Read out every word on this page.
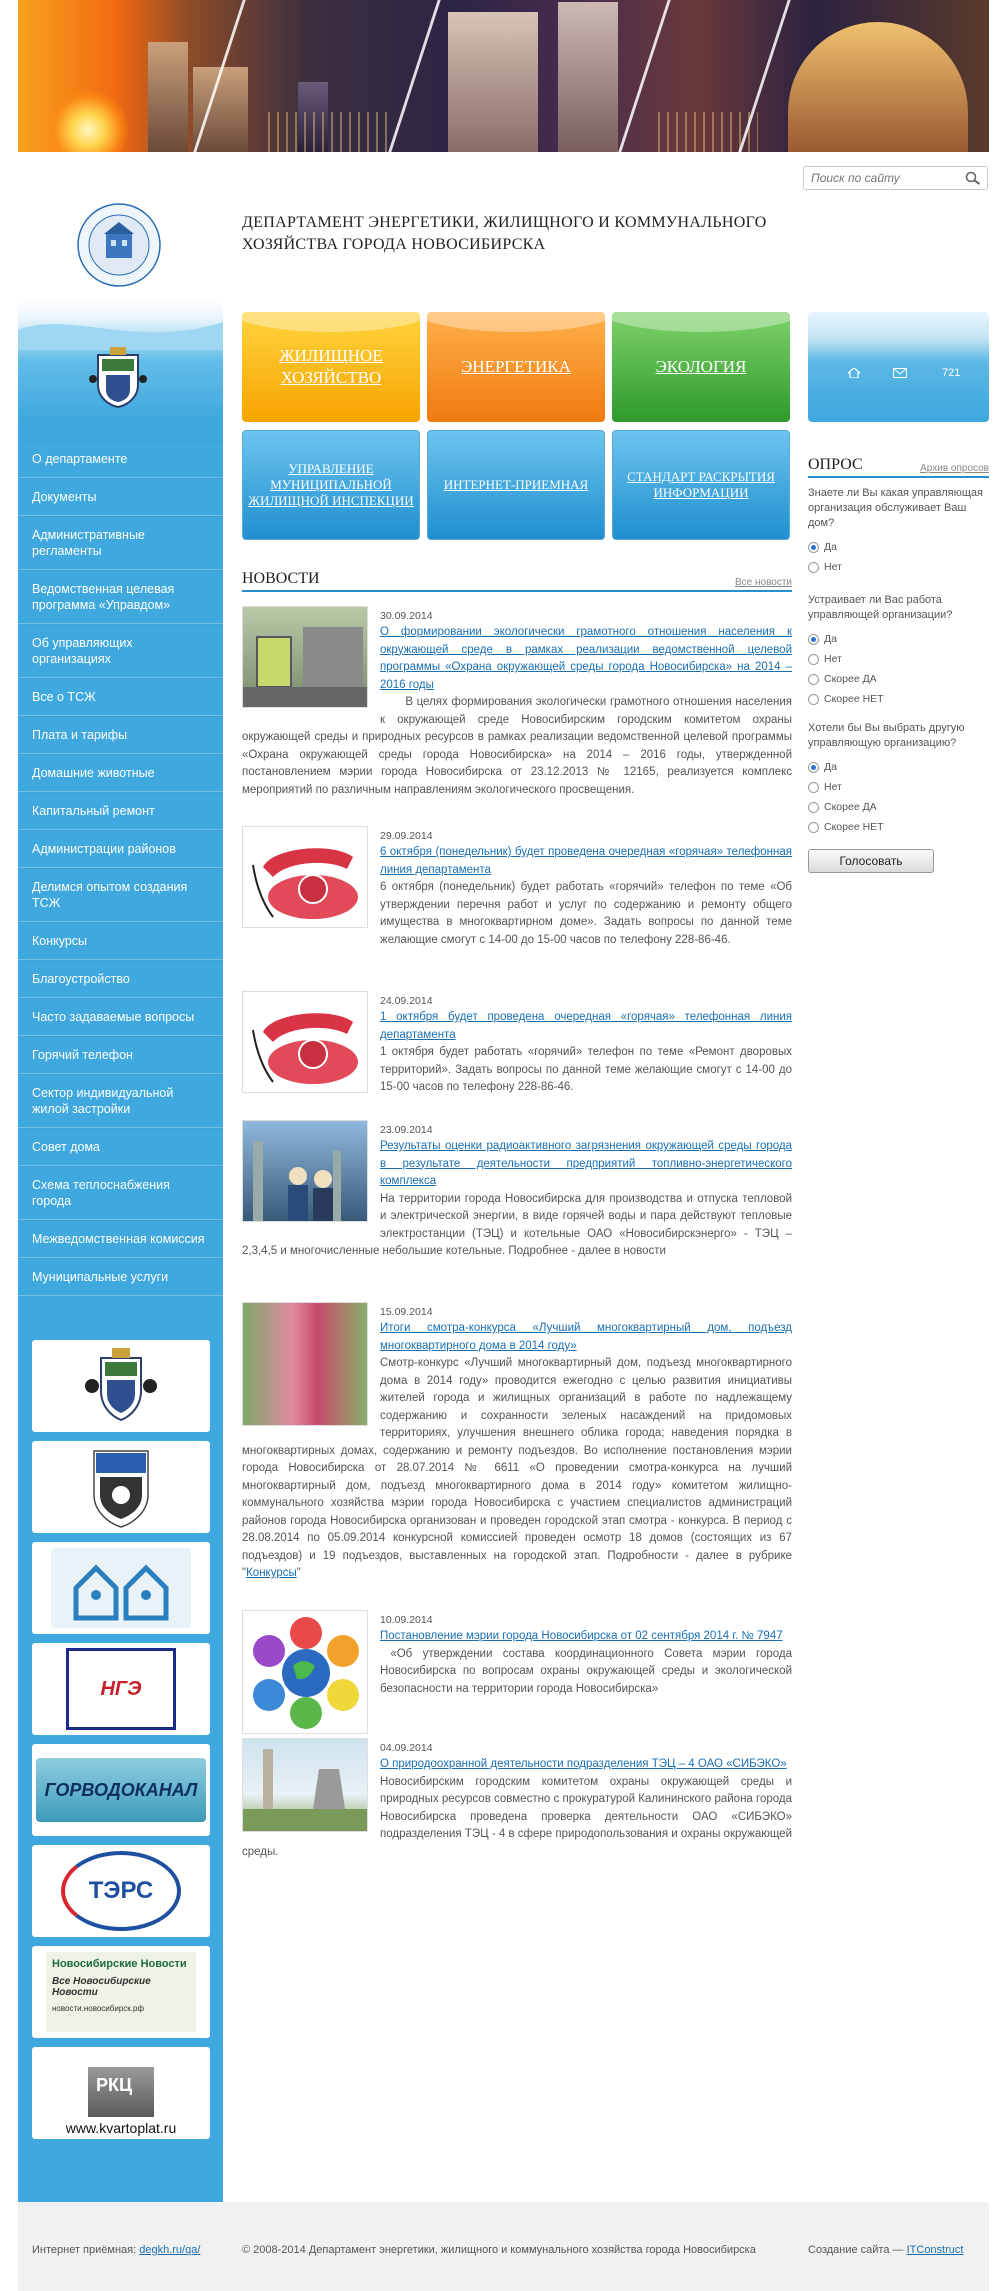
Поиск по сайту
О департаменте
Документы
Административные регламенты
Ведомственная целевая программа «Управдом»
Об управляющих организациях
Все о ТСЖ
Плата и тарифы
Домашние животные
Капитальный ремонт
Администрации районов
Делимся опытом создания ТСЖ
Конкурсы
Благоустройство
Часто задаваемые вопросы
Горячий телефон
Сектор индивидуальной жилой застройки
Совет дома
Схема теплоснабжения города
Межведомственная комиссия
Муниципальные услуги
НГЭ
ГОРВОДОКАНАЛ
ТЭРС
Новосибирские Новости
Все Новосибирские Новости
новости.новосибирск.рф
РКЦ
www.kvartoplat.ru
ДЕПАРТАМЕНТ ЭНЕРГЕТИКИ, ЖИЛИЩНОГО И КОММУНАЛЬНОГО ХОЗЯЙСТВА ГОРОДА НОВОСИБИРСКА
ЖИЛИЩНОЕ ХОЗЯЙСТВО
ЭНЕРГЕТИКА	ЭКОЛОГИЯ
УПРАВЛЕНИЕ МУНИЦИПАЛЬНОЙ ЖИЛИЩНОЙ ИНСПЕКЦИИ
ИНТЕРНЕТ-ПРИЕМНАЯ
СТАНДАРТ РАСКРЫТИЯ ИНФОРМАЦИИ
721
ОПРОС	Архив опросов
Знаете ли Вы какая управляющая организация обслуживает Ваш дом?
Да
Нет
Устраивает ли Вас работа управляющей организации?
Да
Нет
Скорее ДА
Скорее НЕТ
Хотели бы Вы выбрать другую управляющую организацию?
Да
Нет
Скорее ДА
Скорее НЕТ
Голосовать
НОВОСТИ	Все новости
30.09.2014
О формировании экологически грамотного отношения населения к окружающей среде в рамках реализации ведомственной целевой программы «Охрана окружающей среды города Новосибирска» на 2014 – 2016 годы
В целях формирования экологически грамотного отношения населения к окружающей среде Новосибирским городским комитетом охраны окружающей среды и природных ресурсов в рамках реализации ведомственной целевой программы «Охрана окружающей среды города Новосибирска» на 2014 – 2016 годы, утвержденной постановлением мэрии города Новосибирска от 23.12.2013 № 12165, реализуется комплекс мероприятий по различным направлениям экологического просвещения.
29.09.2014
6 октября (понедельник) будет проведена очередная «горячая» телефонная линия департамента
6 октября (понедельник) будет работать «горячий» телефон по теме «Об утверждении перечня работ и услуг по содержанию и ремонту общего имущества в многоквартирном доме». Задать вопросы по данной теме желающие смогут с 14-00 до 15-00 часов по телефону 228-86-46.
24.09.2014
1 октября будет проведена очередная «горячая» телефонная линия департамента
1 октября будет работать «горячий» телефон по теме «Ремонт дворовых территорий». Задать вопросы по данной теме желающие смогут с 14-00 до 15-00 часов по телефону 228-86-46.
23.09.2014
Результаты оценки радиоактивного загрязнения окружающей среды города в результате деятельности предприятий топливно-энергетического комплекса
На территории города Новосибирска для производства и отпуска тепловой и электрической энергии, в виде горячей воды и пара действуют тепловые электростанции (ТЭЦ) и котельные ОАО «Новосибирскэнерго» - ТЭЦ – 2,3,4,5 и многочисленные небольшие котельные. Подробнее - далее в новости
15.09.2014
Итоги смотра-конкурса «Лучший многоквартирный дом, подъезд многоквартирного дома в 2014 году»
Смотр-конкурс «Лучший многоквартирный дом, подъезд многоквартирного дома в 2014 году» проводится ежегодно с целью развития инициативы жителей города и жилищных организаций в работе по надлежащему содержанию и сохранности зеленых насаждений на придомовых территориях, улучшения внешнего облика города; наведения порядка в многоквартирных домах, содержанию и ремонту подъездов. Во исполнение постановления мэрии города Новосибирска от 28.07.2014 № 6611 «О проведении смотра-конкурса на лучший многоквартирный дом, подъезд многоквартирного дома в 2014 году» комитетом жилищно-коммунального хозяйства мэрии города Новосибирска с участием специалистов администраций районов города Новосибирска организован и проведен городской этап смотра - конкурса. В период с 28.08.2014 по 05.09.2014 конкурсной комиссией проведен осмотр 18 домов (состоящих из 67 подъездов) и 19 подъездов, выставленных на городской этап. Подробности - далее в рубрике "Конкурсы"
10.09.2014
Постановление мэрии города Новосибирска от 02 сентября 2014 г. № 7947
«Об утверждении состава координационного Совета мэрии города Новосибирска по вопросам охраны окружающей среды и экологической безопасности на территории города Новосибирска»
04.09.2014
О природоохранной деятельности подразделения ТЭЦ – 4 ОАО «СИБЭКО»
Новосибирским городским комитетом охраны окружающей среды и природных ресурсов совместно с прокуратурой Калининского района города Новосибирска проведена проверка деятельности ОАО «СИБЭКО» подразделения ТЭЦ - 4 в сфере природопользования и охраны окружающей среды.
Интернет приёмная: degkh.ru/qa/	© 2008-2014 Департамент энергетики, жилищного и коммунального хозяйства города Новосибирска	Создание сайта — ITConstruct
